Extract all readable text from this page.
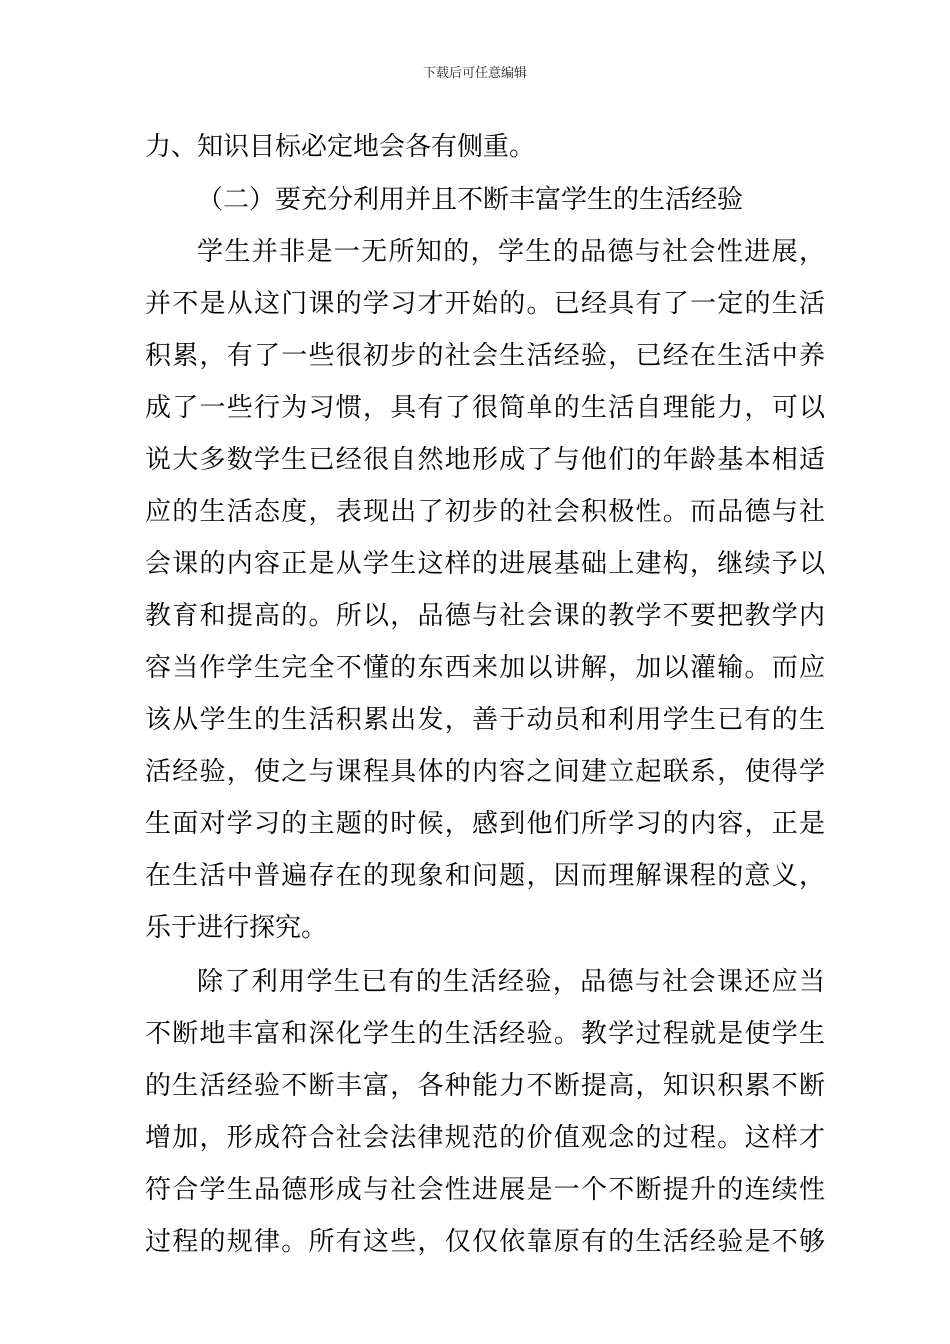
下载后可任意编辑
力、知识目标必定地会各有侧重。
（二）要充分利用并且不断丰富学生的生活经验
学生并非是一无所知的，学生的品德与社会性进展，
并不是从这门课的学习才开始的。已经具有了一定的生活
积累，有了一些很初步的社会生活经验，已经在生活中养
成了一些行为习惯，具有了很简单的生活自理能力，可以
说大多数学生已经很自然地形成了与他们的年龄基本相适
应的生活态度，表现出了初步的社会积极性。而品德与社
会课的内容正是从学生这样的进展基础上建构，继续予以
教育和提高的。所以，品德与社会课的教学不要把教学内
容当作学生完全不懂的东西来加以讲解，加以灌输。而应
该从学生的生活积累出发，善于动员和利用学生已有的生
活经验，使之与课程具体的内容之间建立起联系，使得学
生面对学习的主题的时候，感到他们所学习的内容，正是
在生活中普遍存在的现象和问题，因而理解课程的意义，
乐于进行探究。
除了利用学生已有的生活经验，品德与社会课还应当
不断地丰富和深化学生的生活经验。教学过程就是使学生
的生活经验不断丰富，各种能力不断提高，知识积累不断
增加，形成符合社会法律规范的价值观念的过程。这样才
符合学生品德形成与社会性进展是一个不断提升的连续性
过程的规律。所有这些，仅仅依靠原有的生活经验是不够
